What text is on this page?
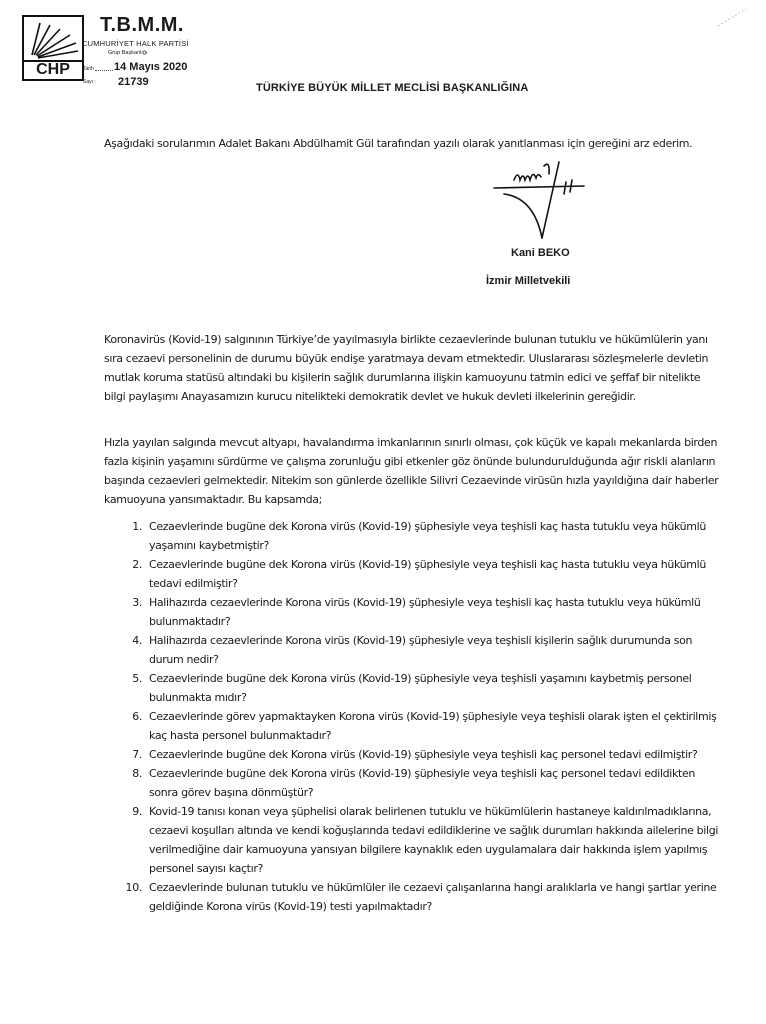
CHP
T.B.M.M.
CUMHURİYET HALK PARTİSİ
Grup Başkanlığı
Tarih 14 Mayıs 2020
Sayı : 21739	TÜRKİYE BÜYÜK MİLLET MECLİSİ BAŞKANLIĞINA

Aşağıdaki sorularımın Adalet Bakanı Abdülhamit Gül tarafından yazılı olarak yanıtlanması için gereğini arz ederim.

Kani BEKO
İzmir Milletvekili

Koronavirüs (Kovid-19) salgınının Türkiye’de yayılmasıyla birlikte cezaevlerinde bulunan tutuklu ve hükümlülerin yanı sıra cezaevi personelinin de durumu büyük endişe yaratmaya devam etmektedir. Uluslararası sözleşmelerle devletin mutlak koruma statüsü altındaki bu kişilerin sağlık durumlarına ilişkin kamuoyunu tatmin edici ve şeffaf bir nitelikte bilgi paylaşımı Anayasamızın kurucu nitelikteki demokratik devlet ve hukuk devleti ilkelerinin gereğidir.

Hızla yayılan salgında mevcut altyapı, havalandırma imkanlarının sınırlı olması, çok küçük ve kapalı mekanlarda birden fazla kişinin yaşamını sürdürme ve çalışma zorunluğu gibi etkenler göz önünde bulundurulduğunda ağır riskli alanların başında cezaevleri gelmektedir. Nitekim son günlerde özellikle Silivri Cezaevinde virüsün hızla yayıldığına dair haberler kamuoyuna yansımaktadır. Bu kapsamda;

1. Cezaevlerinde bugüne dek Korona virüs (Kovid-19) şüphesiyle veya teşhisli kaç hasta tutuklu veya hükümlü yaşamını kaybetmiştir?
2. Cezaevlerinde bugüne dek Korona virüs (Kovid-19) şüphesiyle veya teşhisli kaç hasta tutuklu veya hükümlü tedavi edilmiştir?
3. Halihazırda cezaevlerinde Korona virüs (Kovid-19) şüphesiyle veya teşhisli kaç hasta tutuklu veya hükümlü bulunmaktadır?
4. Halihazırda cezaevlerinde Korona virüs (Kovid-19) şüphesiyle veya teşhisli kişilerin sağlık durumunda son durum nedir?
5. Cezaevlerinde bugüne dek Korona virüs (Kovid-19) şüphesiyle veya teşhisli yaşamını kaybetmiş personel bulunmakta mıdır?
6. Cezaevlerinde görev yapmaktayken Korona virüs (Kovid-19) şüphesiyle veya teşhisli olarak işten el çektirilmiş kaç hasta personel bulunmaktadır?
7. Cezaevlerinde bugüne dek Korona virüs (Kovid-19) şüphesiyle veya teşhisli kaç personel tedavi edilmiştir?
8. Cezaevlerinde bugüne dek Korona virüs (Kovid-19) şüphesiyle veya teşhisli kaç personel tedavi edildikten sonra görev başına dönmüştür?
9. Kovid-19 tanısı konan veya şüphelisi olarak belirlenen tutuklu ve hükümlülerin hastaneye kaldırılmadıklarına, cezaevi koşulları altında ve kendi koğuşlarında tedavi edildiklerine ve sağlık durumları hakkında ailelerine bilgi verilmediğine dair kamuoyuna yansıyan bilgilere kaynaklık eden uygulamalara dair hakkında işlem yapılmış personel sayısı kaçtır?
10. Cezaevlerinde bulunan tutuklu ve hükümlüler ile cezaevi çalışanlarına hangi aralıklarla ve hangi şartlar yerine geldiğinde Korona virüs (Kovid-19) testi yapılmaktadır?
